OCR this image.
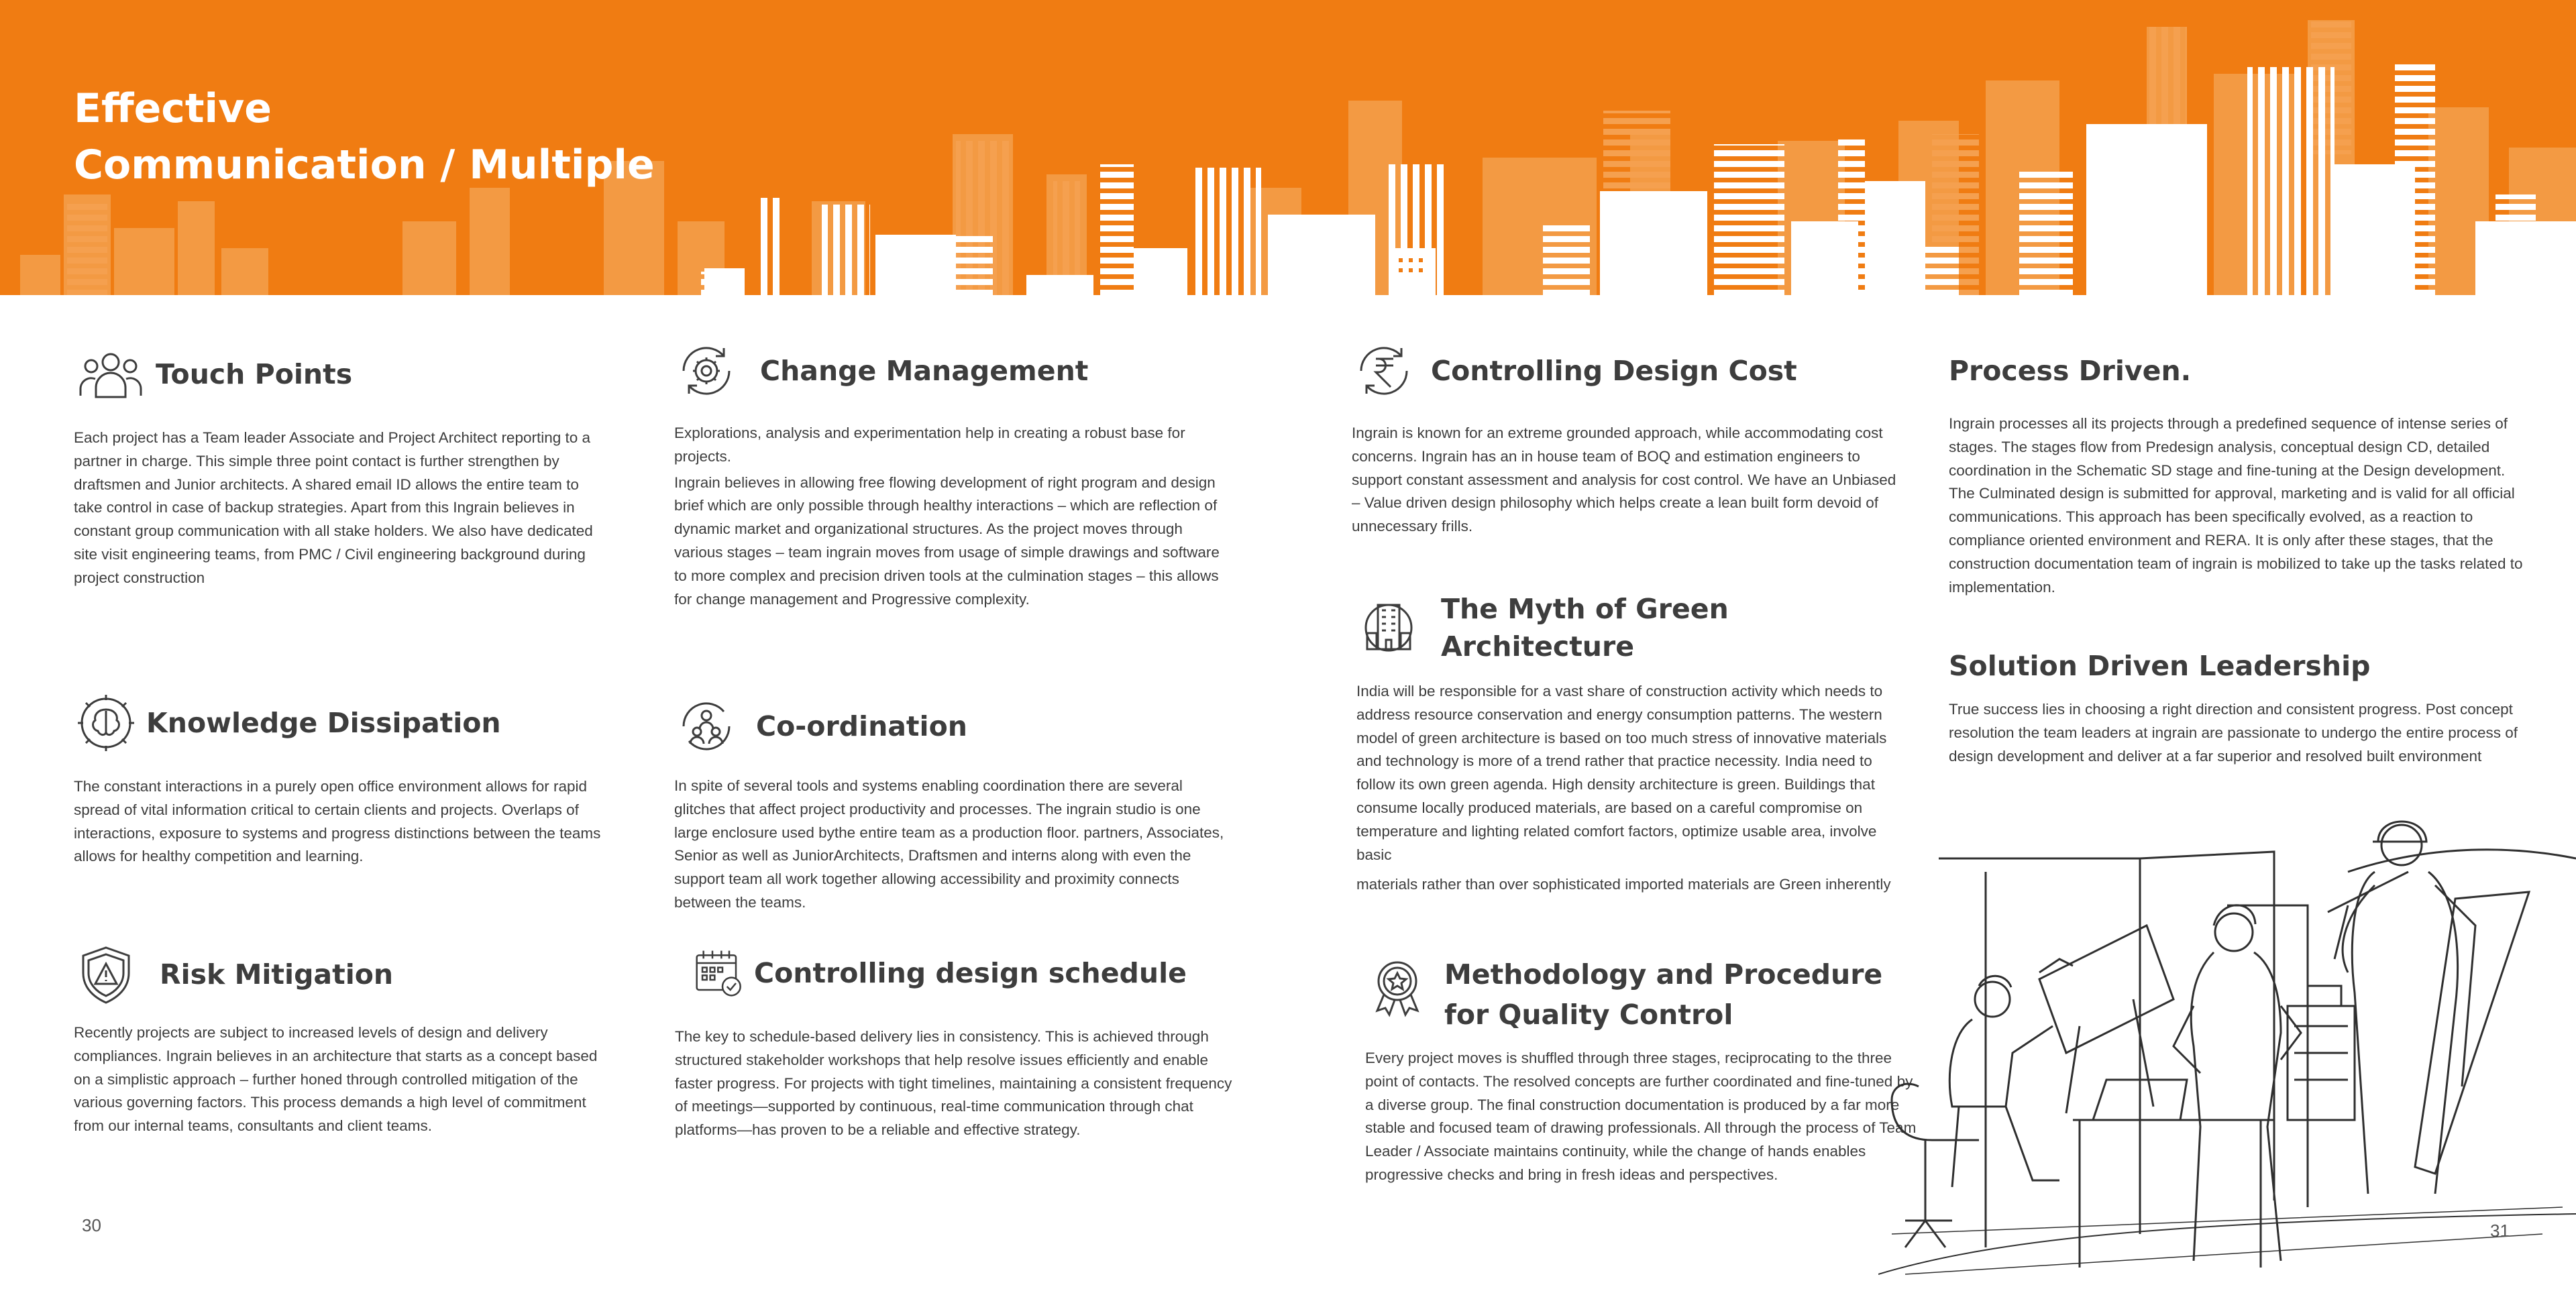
Effective
Communication / Multiple
Touch Points

Each project has a Team leader Associate and Project Architect reporting to a partner in charge. This simple three point contact is further strengthen by draftsmen and Junior architects. A shared email ID allows the entire team to take control in case of backup strategies. Apart from this Ingrain believes in constant group communication with all stake holders. We also have dedicated site visit engineering teams, from PMC / Civil engineering background during project construction

Knowledge Dissipation

The constant interactions in a purely open office environment allows for rapid spread of vital information critical to certain clients and projects. Overlaps of interactions, exposure to systems and progress distinctions between the teams allows for healthy competition and learning.

Risk Mitigation

Recently projects are subject to increased levels of design and delivery compliances. Ingrain believes in an architecture that starts as a concept based on a simplistic approach – further honed through controlled mitigation of the various governing factors. This process demands a high level of commitment from our internal teams, consultants and client teams.

Change Management

Explorations, analysis and experimentation help in creating a robust base for projects.

Ingrain believes in allowing free flowing development of right program and design brief which are only possible through healthy interactions – which are reflection of dynamic market and organizational structures. As the project moves through various stages – team ingrain moves from usage of simple drawings and software to more complex and precision driven tools at the culmination stages – this allows for change management and Progressive complexity.

Co-ordination

In spite of several tools and systems enabling coordination there are several glitches that affect project productivity and processes. The ingrain studio is one large enclosure used bythe entire team as a production floor. partners, Associates, Senior as well as JuniorArchitects, Draftsmen and interns along with even the support team all work together allowing accessibility and proximity connects between the teams.

Controlling design schedule

The key to schedule-based delivery lies in consistency. This is achieved through structured stakeholder workshops that help resolve issues efficiently and enable faster progress. For projects with tight timelines, maintaining a consistent frequency of meetings—supported by continuous, real-time communication through chat platforms—has proven to be a reliable and effective strategy.

Controlling Design Cost

Ingrain is known for an extreme grounded approach, while accommodating cost concerns. Ingrain has an in house team of BOQ and estimation engineers to support constant assessment and analysis for cost control. We have an Unbiased – Value driven design philosophy which helps create a lean built form devoid of unnecessary frills.

The Myth of Green Architecture

India will be responsible for a vast share of construction activity which needs to address resource conservation and energy consumption patterns. The western model of green architecture is based on too much stress of innovative materials and technology is more of a trend rather that practice necessity. India need to follow its own green agenda. High density architecture is green. Buildings that consume locally produced materials, are based on a careful compromise on temperature and lighting related comfort factors, optimize usable area, involve basic

materials rather than over sophisticated imported materials are Green inherently

Methodology and Procedure
for Quality Control

Every project moves is shuffled through three stages, reciprocating to the three point of contacts. The resolved concepts are further coordinated and fine-tuned by a diverse group. The final construction documentation is produced by a far more stable and focused team of drawing professionals. All through the process of Team Leader / Associate maintains continuity, while the change of hands enables progressive checks and bring in fresh ideas and perspectives.

Process Driven.

Ingrain processes all its projects through a predefined sequence of intense series of stages. The stages flow from Predesign analysis, conceptual design CD, detailed coordination in the Schematic SD stage and fine-tuning at the Design development. The Culminated design is submitted for approval, marketing and is valid for all official communications. This approach has been specifically evolved, as a reaction to compliance oriented environment and RERA. It is only after these stages, that the construction documentation team of ingrain is mobilized to take up the tasks related to implementation.

Solution Driven Leadership

True success lies in choosing a right direction and consistent progress. Post concept resolution the team leaders at ingrain are passionate to undergo the entire process of design development and deliver at a far superior and resolved built environment

30	31
